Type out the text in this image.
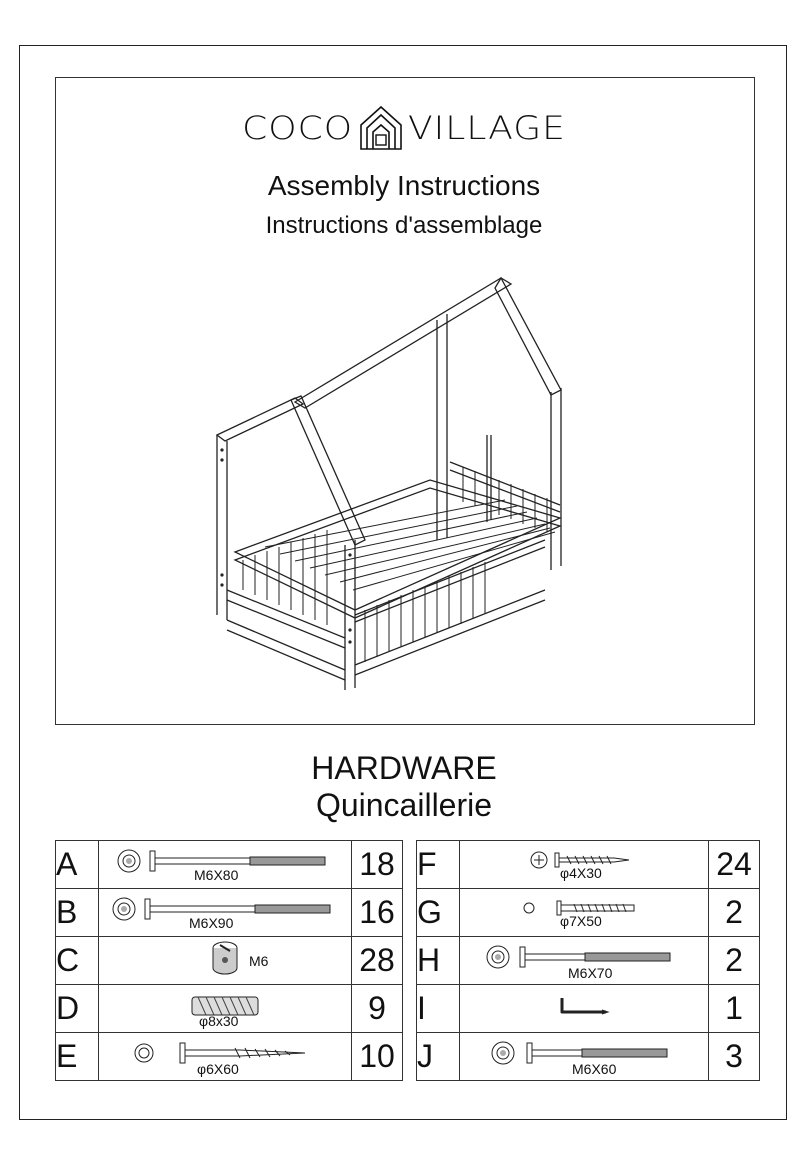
COCO VILLAGE
Assembly Instructions
Instructions d'assemblage
HARDWARE
Quincaillerie
A	M6X80	18
B	M6X90	16
C	M6	28
D	φ8x30	9
E	φ6X60	10
F	φ4X30	24
G	φ7X50	2
H	M6X70	2
I		1
J	M6X60	3
